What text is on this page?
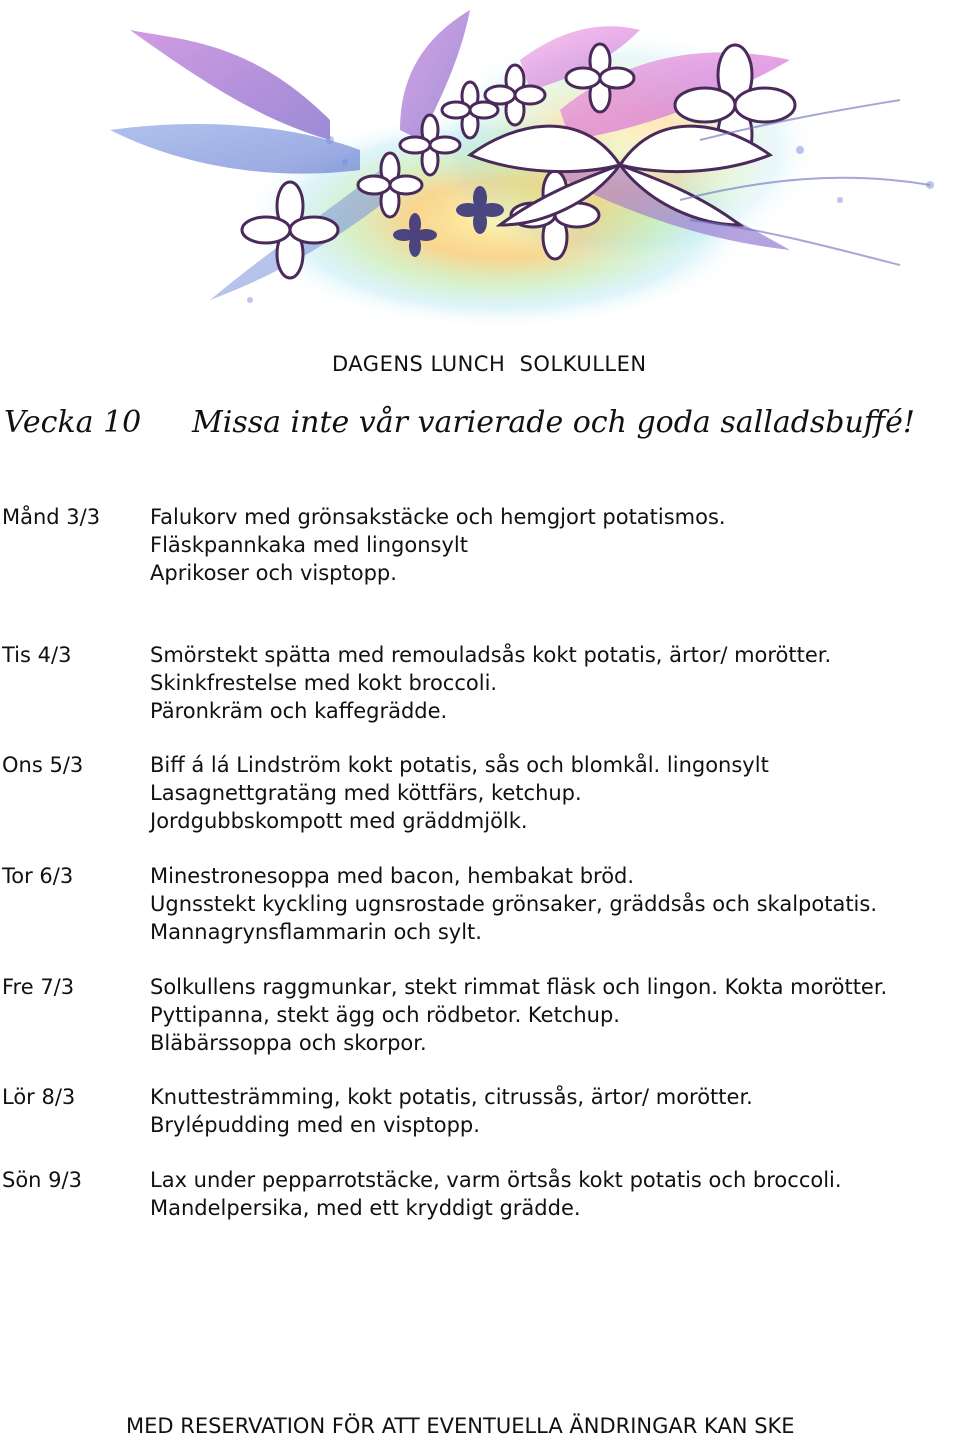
DAGENS LUNCH  SOLKULLEN
Vecka 10 Missa inte vår varierade och goda salladsbuffé!
Månd 3/3 Falukorv med grönsakstäcke och hemgjort potatismos.
Fläskpannkaka med lingonsylt
Aprikoser och visptopp.
Tis 4/3	Smörstekt spätta med remouladsås kokt potatis, ärtor/ morötter.
Skinkfrestelse med kokt broccoli.
Päronkräm och kaffegrädde.
Ons 5/3	Biff á lá Lindström kokt potatis, sås och blomkål. lingonsylt
Lasagnettgratäng med köttfärs, ketchup.
Jordgubbskompott med gräddmjölk.
Tor 6/3	Minestronesoppa med bacon, hembakat bröd.
Ugnsstekt kyckling ugnsrostade grönsaker, gräddsås och skalpotatis.
Mannagrynsflammarin och sylt.
Fre 7/3	Solkullens raggmunkar, stekt rimmat fläsk och lingon. Kokta morötter.
Pyttipanna, stekt ägg och rödbetor. Ketchup.
Bläbärssoppa och skorpor.
Lör 8/3	Knuttesträmming, kokt potatis, citrussås, ärtor/ morötter.
Brylépudding med en visptopp.
Sön 9/3	Lax under pepparrotstäcke, varm örtsås kokt potatis och broccoli.
Mandelpersika, med ett kryddigt grädde.
MED RESERVATION FÖR ATT EVENTUELLA ÄNDRINGAR KAN SKE
